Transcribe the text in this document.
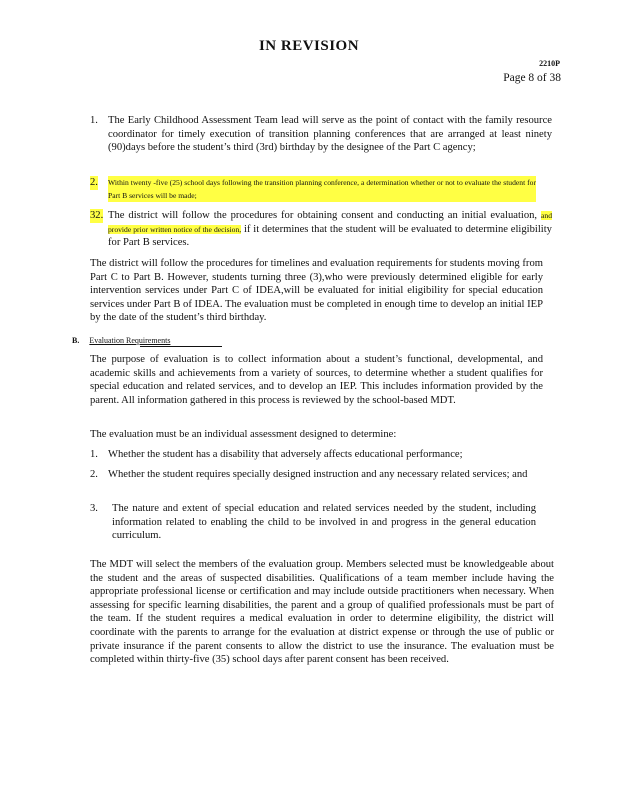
IN REVISION
2210P
Page 8 of 38
1. The Early Childhood Assessment Team lead will serve as the point of contact with the family resource coordinator for timely execution of transition planning conferences that are arranged at least ninety (90)days before the student’s third (3rd) birthday by the designee of the Part C agency;
2. Within twenty -five (25) school days following the transition planning conference, a determination whether or not to evaluate the student for Part B services will be made;
32. The district will follow the procedures for obtaining consent and conducting an initial evaluation, and provide prior written notice of the decision, if it determines that the student will be evaluated to determine eligibility for Part B services.
The district will follow the procedures for timelines and evaluation requirements for students moving from Part C to Part B. However, students turning three (3),who were previously determined eligible for early intervention services under Part C of IDEA,will be evaluated for initial eligibility for special education services under Part B of IDEA. The evaluation must be completed in enough time to develop an initial IEP by the date of the student’s third birthday.
B. Evaluation Requirements
The purpose of evaluation is to collect information about a student’s functional, developmental, and academic skills and achievements from a variety of sources, to determine whether a student qualifies for special education and related services, and to develop an IEP. This includes information provided by the parent. All information gathered in this process is reviewed by the school-based MDT.
The evaluation must be an individual assessment designed to determine:
1. Whether the student has a disability that adversely affects educational performance;
2. Whether the student requires specially designed instruction and any necessary related services; and
3. The nature and extent of special education and related services needed by the student, including information related to enabling the child to be involved in and progress in the general education curriculum.
The MDT will select the members of the evaluation group. Members selected must be knowledgeable about the student and the areas of suspected disabilities. Qualifications of a team member include having the appropriate professional license or certification and may include outside practitioners when necessary. When assessing for specific learning disabilities, the parent and a group of qualified professionals must be part of the team. If the student requires a medical evaluation in order to determine eligibility, the district will coordinate with the parents to arrange for the evaluation at district expense or through the use of public or private insurance if the parent consents to allow the district to use the insurance. The evaluation must be completed within thirty-five (35) school days after parent consent has been received.
